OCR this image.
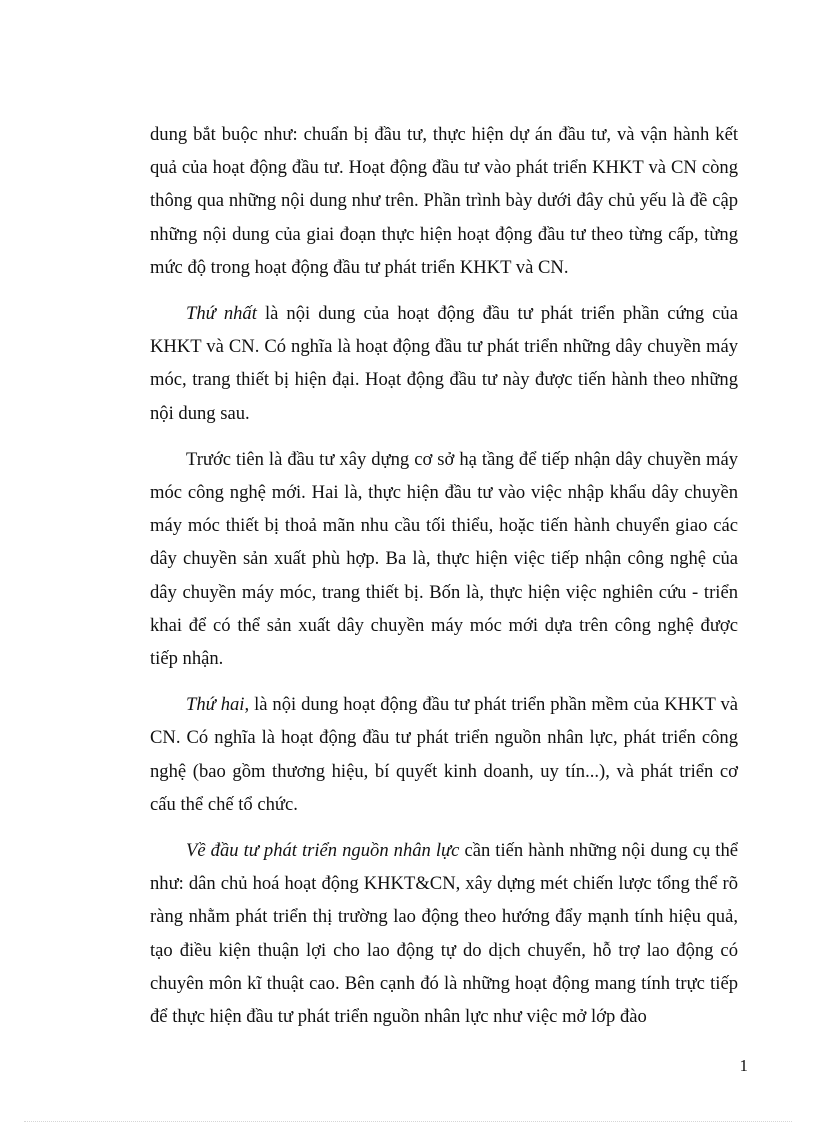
dung bắt buộc như: chuẩn bị đầu tư, thực hiện dự án đầu tư, và vận hành kết quả của hoạt động đầu tư. Hoạt động đầu tư vào phát triển KHKT và CN còng thông qua những nội dung như trên. Phần trình bày dưới đây chủ yếu là đề cập những nội dung của giai đoạn thực hiện hoạt động đầu tư theo từng cấp, từng mức độ trong hoạt động đầu tư phát triển KHKT và CN.

Thứ nhất là nội dung của hoạt động đầu tư phát triển phần cứng của KHKT và CN. Có nghĩa là hoạt động đầu tư phát triển những dây chuyền máy móc, trang thiết bị hiện đại. Hoạt động đầu tư này được tiến hành theo những nội dung sau.

Trước tiên là đầu tư xây dựng cơ sở hạ tầng để tiếp nhận dây chuyền máy móc công nghệ mới. Hai là, thực hiện đầu tư vào việc nhập khẩu dây chuyền máy móc thiết bị thoả mãn nhu cầu tối thiểu, hoặc tiến hành chuyển giao các dây chuyền sản xuất phù hợp. Ba là, thực hiện việc tiếp nhận công nghệ của dây chuyền máy móc, trang thiết bị. Bốn là, thực hiện việc nghiên cứu - triển khai để có thể sản xuất dây chuyền máy móc mới dựa trên công nghệ được tiếp nhận.

Thứ hai, là nội dung hoạt động đầu tư phát triển phần mềm của KHKT và CN. Có nghĩa là hoạt động đầu tư phát triển nguồn nhân lực, phát triển công nghệ (bao gồm thương hiệu, bí quyết kinh doanh, uy tín...), và phát triển cơ cấu thể chế tổ chức.

Về đầu tư phát triển nguồn nhân lực cần tiến hành những nội dung cụ thể như: dân chủ hoá hoạt động KHKT&CN, xây dựng mét chiến lược tổng thể rõ ràng nhằm phát triển thị trường lao động theo hướng đẩy mạnh tính hiệu quả, tạo điều kiện thuận lợi cho lao động tự do dịch chuyển, hỗ trợ lao động có chuyên môn kĩ thuật cao. Bên cạnh đó là những hoạt động mang tính trực tiếp để thực hiện đầu tư phát triển nguồn nhân lực như việc mở lớp đào

1
